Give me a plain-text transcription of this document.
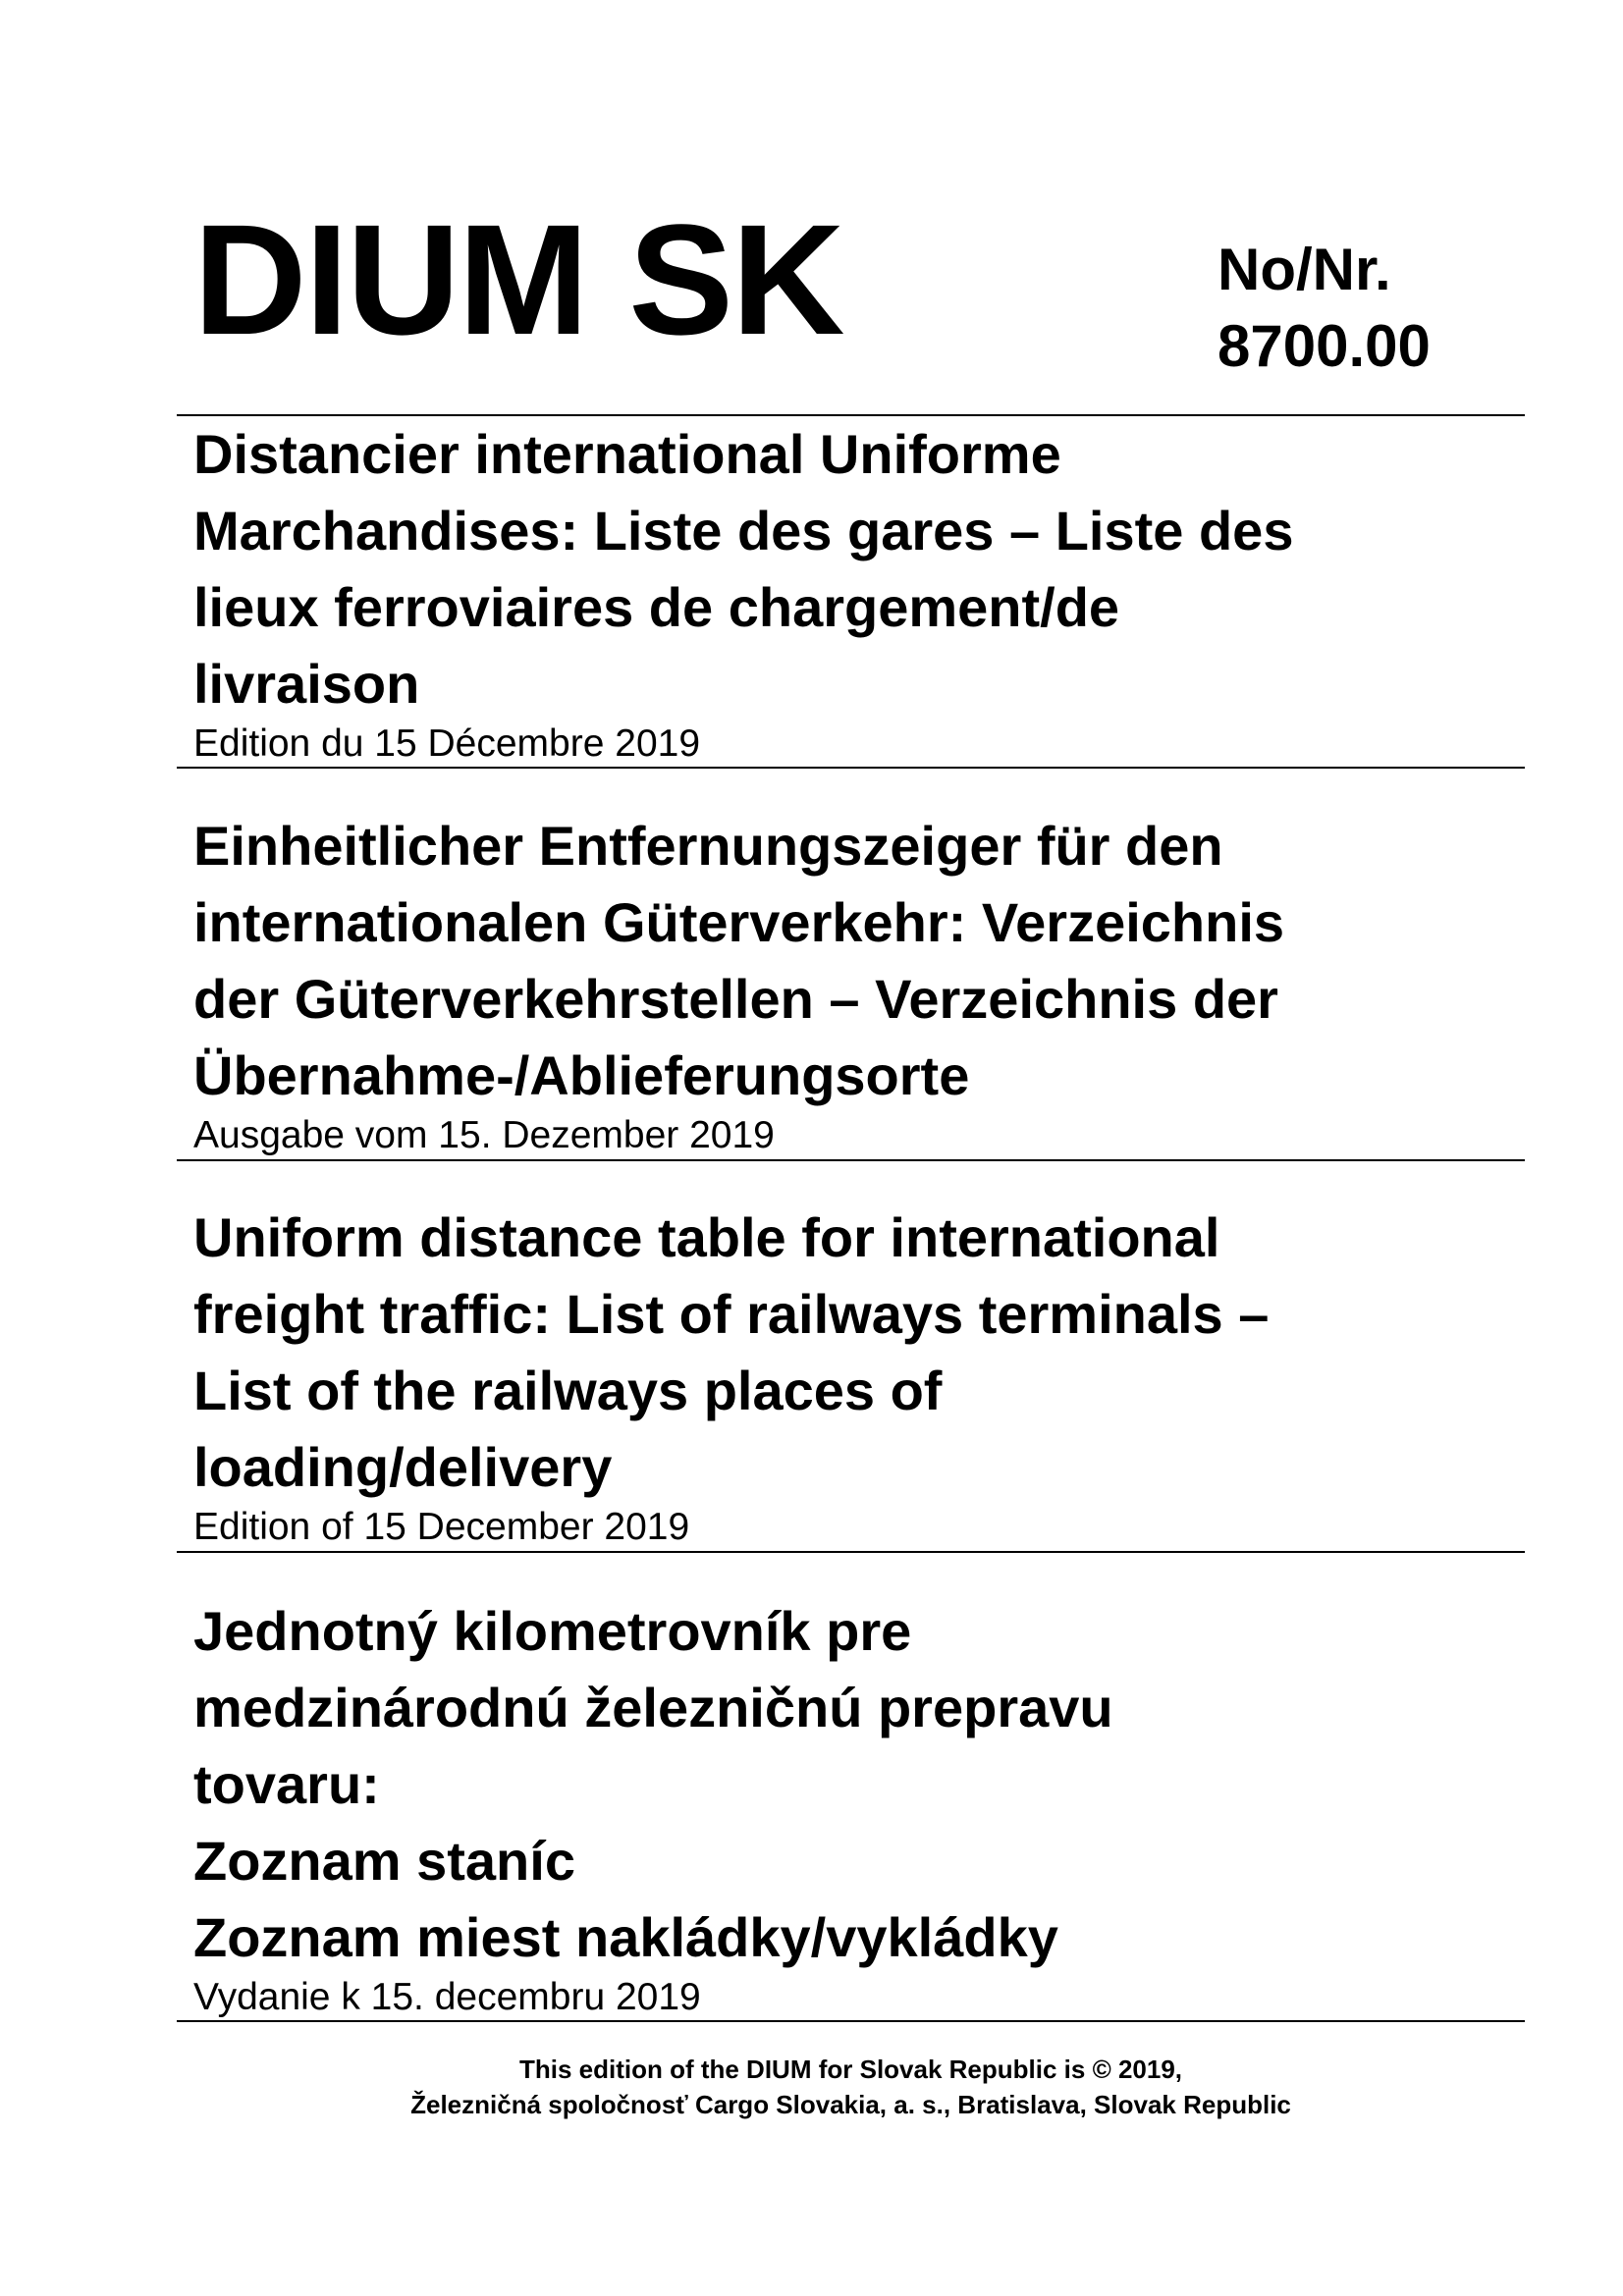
DIUM SK	No/Nr.
8700.00
Distancier international Uniforme
Marchandises: Liste des gares – Liste des
lieux ferroviaires de chargement/de
livraison

Edition du 15 Décembre 2019

Einheitlicher Entfernungszeiger für den
internationalen Güterverkehr: Verzeichnis
der Güterverkehrstellen – Verzeichnis der
Übernahme-/Ablieferungsorte

Ausgabe vom 15. Dezember 2019

Uniform distance table for international
freight traffic: List of railways terminals –
List of the railways places of
loading/delivery

Edition of 15 December 2019

Jednotný kilometrovník pre
medzinárodnú železničnú prepravu
tovaru:
Zoznam staníc
Zoznam miest nakládky/vykládky

Vydanie k 15. decembru 2019

This edition of the DIUM for Slovak Republic is © 2019,
Železničná spoločnosť Cargo Slovakia, a. s., Bratislava, Slovak Republic
